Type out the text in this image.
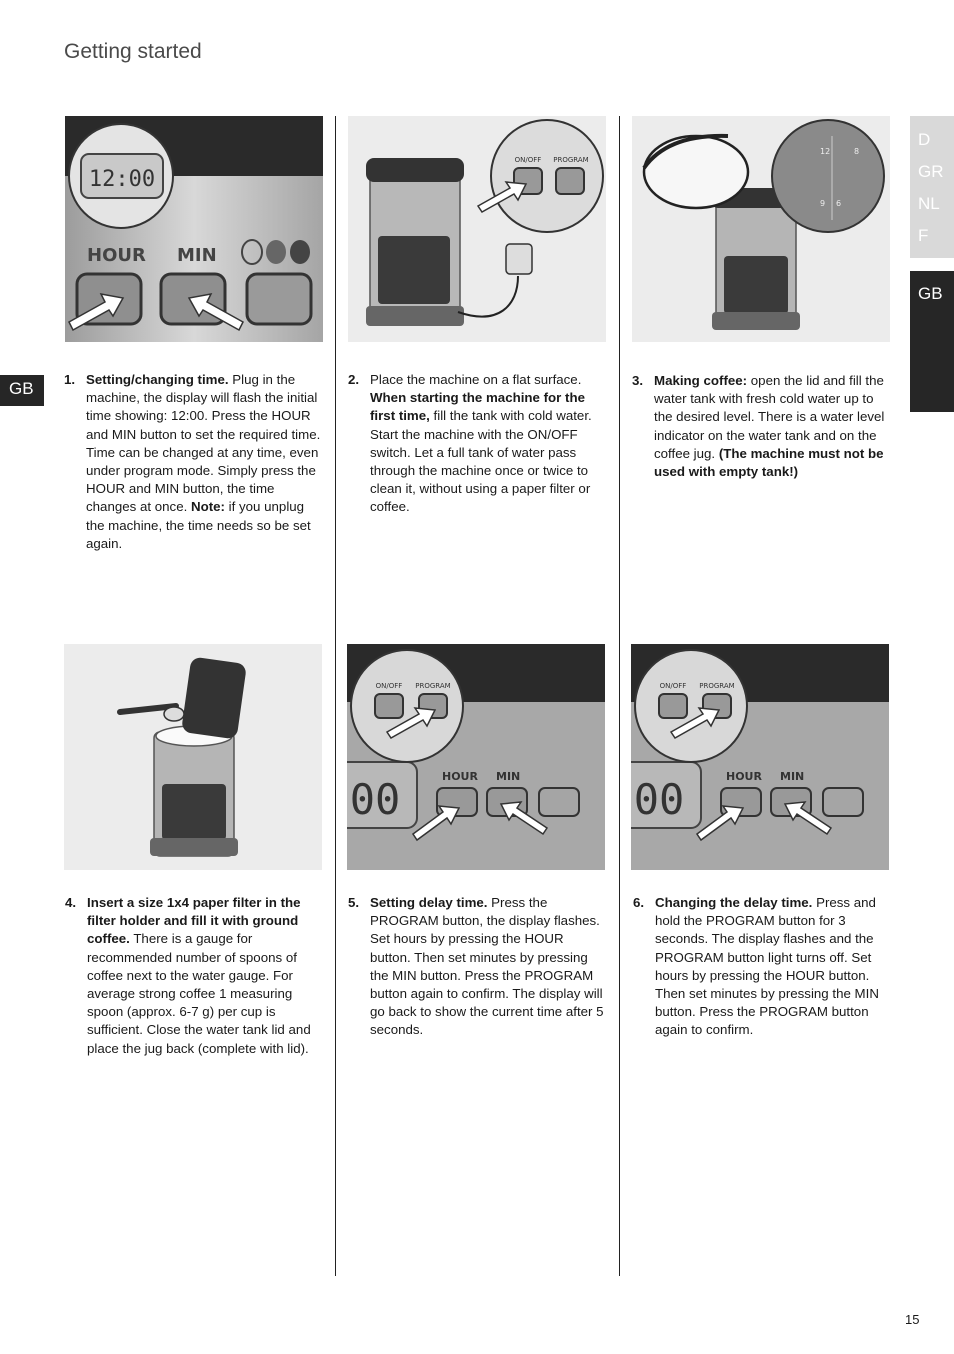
Getting started
D
GR
NL
F
GB
GB
12:00
HOUR MIN
ON/OFF PROGRAM
12	8
9 6
00	HOUR MIN
ON/OFF PROGRAM
00	HOUR MIN
ON/OFF PROGRAM
1. Setting/changing time. Plug in the machine, the display will flash the initial time showing: 12:00. Press the HOUR and MIN button to set the required time. Time can be changed at any time, even under program mode. Simply press the HOUR and MIN button, the time changes at once. Note: if you unplug the machine, the time needs so be set again.
2. Place the machine on a flat surface. When starting the machine for the first time, fill the tank with cold water. Start the machine with the ON/OFF switch. Let a full tank of water pass through the machine once or twice to clean it, without using a paper filter or coffee.
3. Making coffee: open the lid and fill the water tank with fresh cold water up to the desired level. There is a water level indicator on the water tank and on the coffee jug. (The machine must not be used with empty tank!)
4. Insert a size 1x4 paper filter in the filter holder and fill it with ground coffee. There is a gauge for recommended number of spoons of coffee next to the water gauge. For average strong coffee 1 measuring spoon (approx. 6-7 g) per cup is sufficient. Close the water tank lid and place the jug back (complete with lid).
5. Setting delay time. Press the PROGRAM button, the display flashes. Set hours by pressing the HOUR button. Then set minutes by pressing the MIN button. Press the PROGRAM button again to confirm. The display will go back to show the current time after 5 seconds.
6. Changing the delay time. Press and hold the PROGRAM button for 3 seconds. The display flashes and the PROGRAM button light turns off. Set hours by pressing the HOUR button. Then set minutes by pressing the MIN button. Press the PROGRAM button again to confirm.
15
